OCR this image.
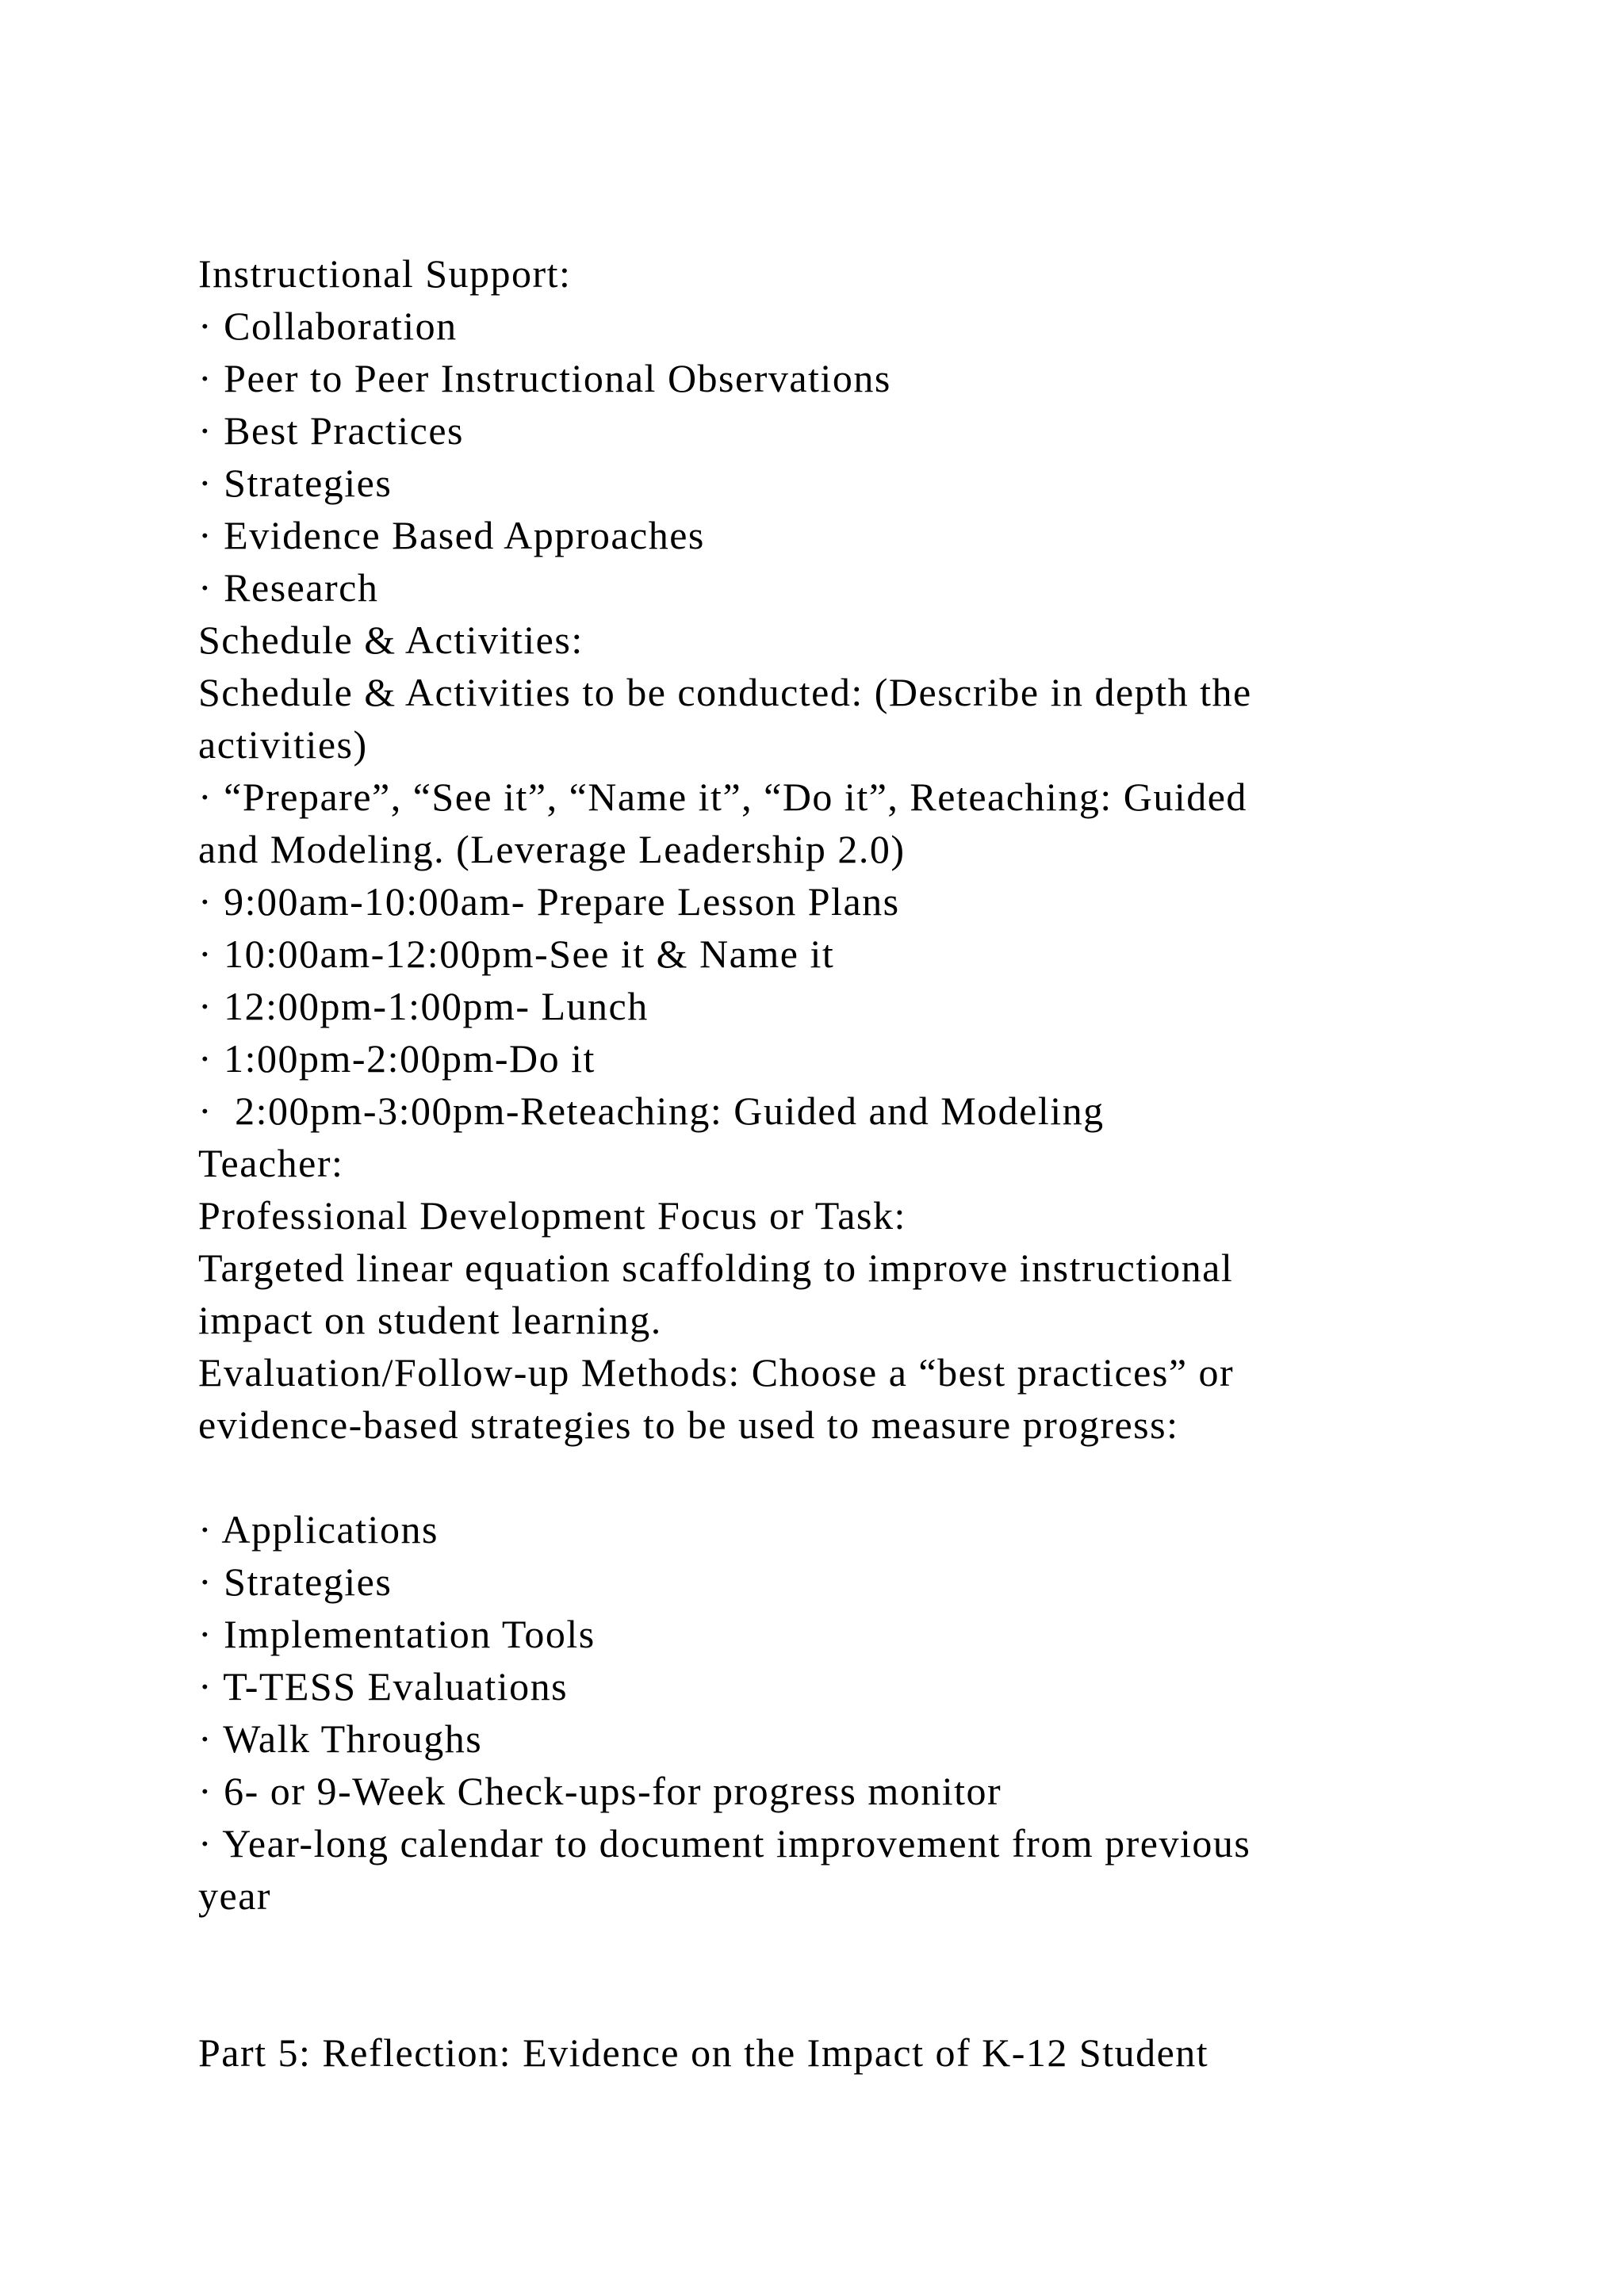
Instructional Support:
· Collaboration
· Peer to Peer Instructional Observations
· Best Practices
· Strategies
· Evidence Based Approaches
· Research
Schedule & Activities:
Schedule & Activities to be conducted: (Describe in depth the
activities)
· “Prepare”, “See it”, “Name it”, “Do it”, Reteaching: Guided
and Modeling. (Leverage Leadership 2.0)
· 9:00am-10:00am- Prepare Lesson Plans
· 10:00am-12:00pm-See it & Name it
· 12:00pm-1:00pm- Lunch
· 1:00pm-2:00pm-Do it
·  2:00pm-3:00pm-Reteaching: Guided and Modeling
Teacher:
Professional Development Focus or Task:
Targeted linear equation scaffolding to improve instructional
impact on student learning.
Evaluation/Follow-up Methods: Choose a “best practices” or
evidence-based strategies to be used to measure progress:
· Applications
· Strategies
· Implementation Tools
· T-TESS Evaluations
· Walk Throughs
· 6- or 9-Week Check-ups-for progress monitor
· Year-long calendar to document improvement from previous
year
Part 5: Reflection: Evidence on the Impact of K-12 Student
